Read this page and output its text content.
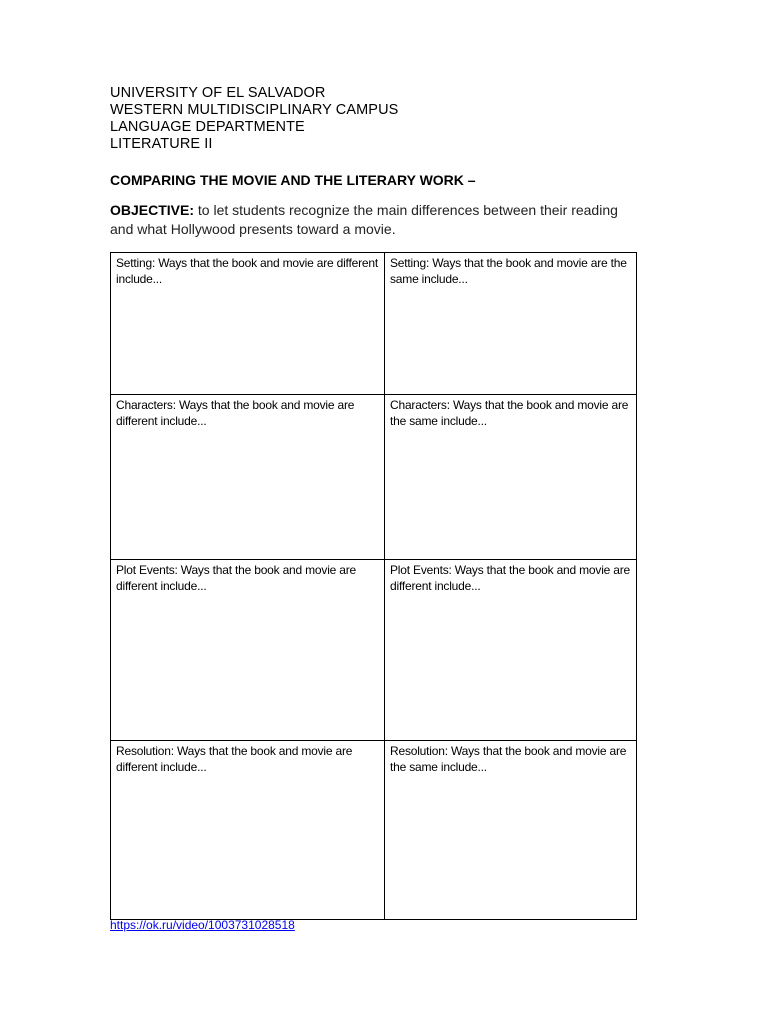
UNIVERSITY OF EL SALVADOR
WESTERN MULTIDISCIPLINARY CAMPUS
LANGUAGE DEPARTMENTE
LITERATURE II
COMPARING THE MOVIE AND THE LITERARY WORK –
OBJECTIVE: to let students recognize the main differences between their reading and what Hollywood presents toward a movie.
Setting: Ways that the book and movie are different include...	Setting: Ways that the book and movie are the same include...
Characters: Ways that the book and movie are different include...	Characters: Ways that the book and movie are the same include...
Plot Events: Ways that the book and movie are different include...	Plot Events: Ways that the book and movie are different include...
Resolution: Ways that the book and movie are different include...	Resolution: Ways that the book and movie are the same include...
https://ok.ru/video/1003731028518
